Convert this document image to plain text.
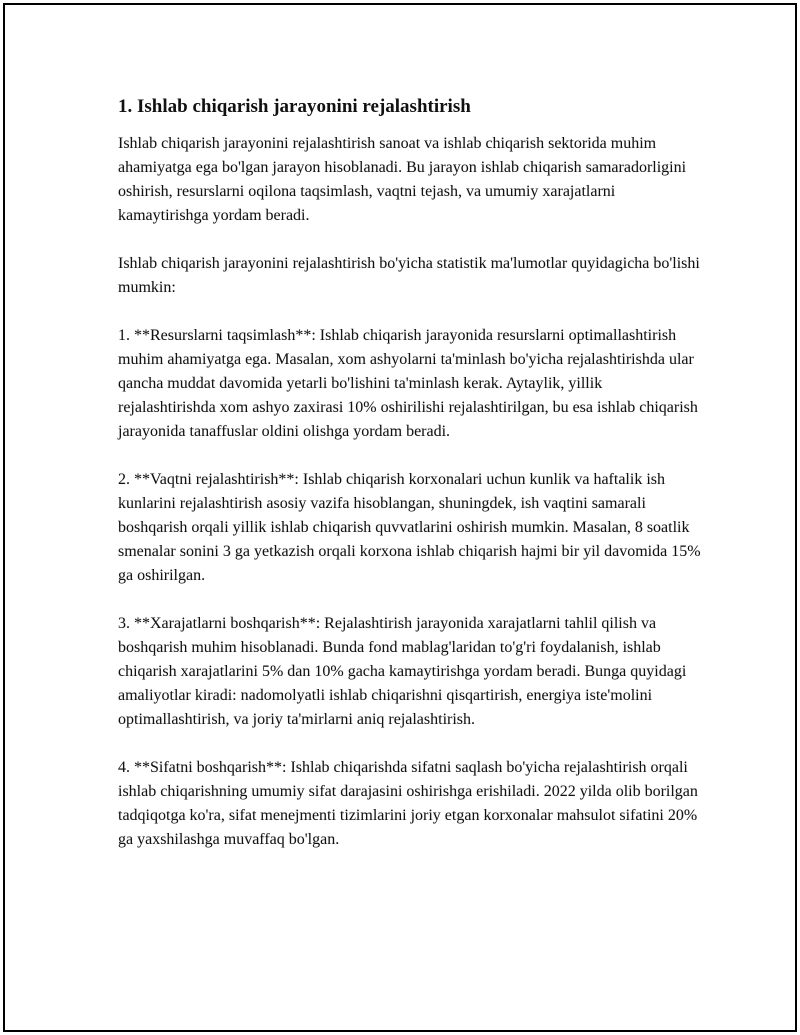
1. Ishlab chiqarish jarayonini rejalashtirish

Ishlab chiqarish jarayonini rejalashtirish sanoat va ishlab chiqarish sektorida muhim ahamiyatga ega bo'lgan jarayon hisoblanadi. Bu jarayon ishlab chiqarish samaradorligini oshirish, resurslarni oqilona taqsimlash, vaqtni tejash, va umumiy xarajatlarni kamaytirishga yordam beradi.

Ishlab chiqarish jarayonini rejalashtirish bo'yicha statistik ma'lumotlar quyidagicha bo'lishi mumkin:

1. **Resurslarni taqsimlash**: Ishlab chiqarish jarayonida resurslarni optimallashtirish muhim ahamiyatga ega. Masalan, xom ashyolarni ta'minlash bo'yicha rejalashtirishda ular qancha muddat davomida yetarli bo'lishini ta'minlash kerak. Aytaylik, yillik rejalashtirishda xom ashyo zaxirasi 10% oshirilishi rejalashtirilgan, bu esa ishlab chiqarish jarayonida tanaffuslar oldini olishga yordam beradi.

2. **Vaqtni rejalashtirish**: Ishlab chiqarish korxonalari uchun kunlik va haftalik ish kunlarini rejalashtirish asosiy vazifa hisoblangan, shuningdek, ish vaqtini samarali boshqarish orqali yillik ishlab chiqarish quvvatlarini oshirish mumkin. Masalan, 8 soatlik smenalar sonini 3 ga yetkazish orqali korxona ishlab chiqarish hajmi bir yil davomida 15% ga oshirilgan.

3. **Xarajatlarni boshqarish**: Rejalashtirish jarayonida xarajatlarni tahlil qilish va boshqarish muhim hisoblanadi. Bunda fond mablag'laridan to'g'ri foydalanish, ishlab chiqarish xarajatlarini 5% dan 10% gacha kamaytirishga yordam beradi. Bunga quyidagi amaliyotlar kiradi: nadomolyatli ishlab chiqarishni qisqartirish, energiya iste'molini optimallashtirish, va joriy ta'mirlarni aniq rejalashtirish.

4. **Sifatni boshqarish**: Ishlab chiqarishda sifatni saqlash bo'yicha rejalashtirish orqali ishlab chiqarishning umumiy sifat darajasini oshirishga erishiladi. 2022 yilda olib borilgan tadqiqotga ko'ra, sifat menejmenti tizimlarini joriy etgan korxonalar mahsulot sifatini 20% ga yaxshilashga muvaffaq bo'lgan.
